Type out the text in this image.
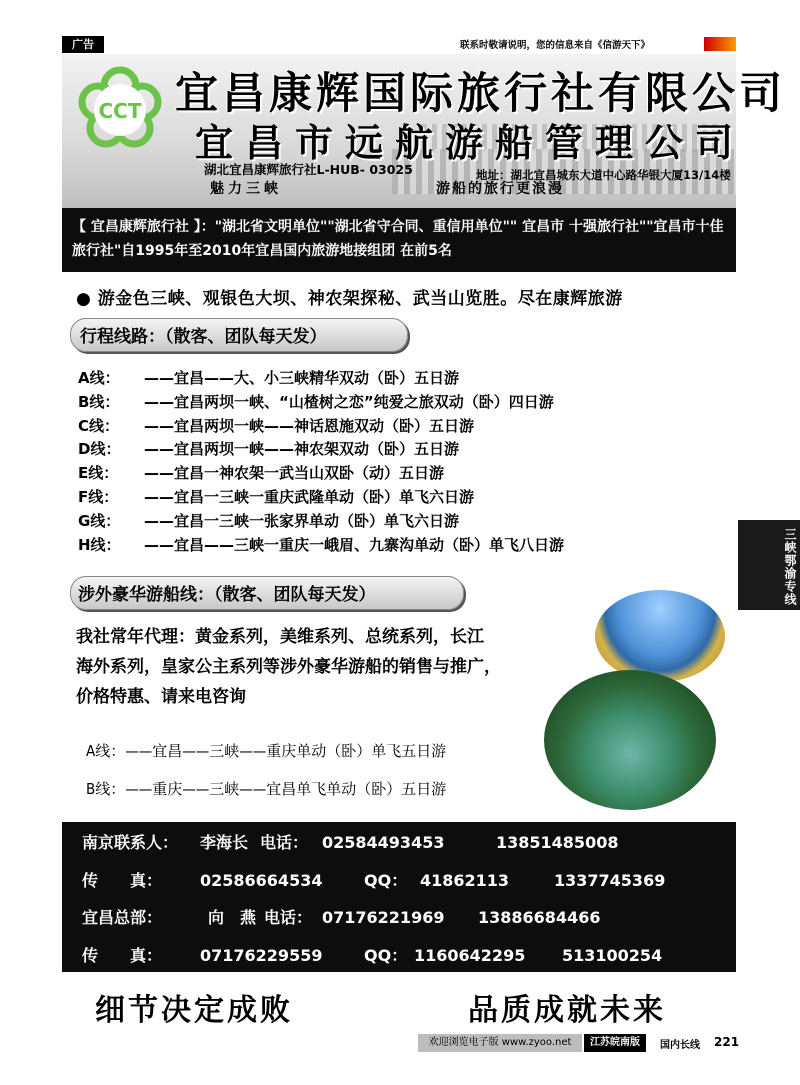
广告	联系时敬请说明，您的信息来自《信游天下》
CCT 宜昌康辉国际旅行社有限公司
宜昌市远航游船管理公司
湖北宜昌康辉旅行社L-HUB- 03025	地址：湖北宜昌城东大道中心路华银大厦13/14楼
魅力三峡	游船的旅行更浪漫
【 宜昌康辉旅行社 】："湖北省文明单位""湖北省守合同、重信用单位"" 宜昌市 十强旅行社""宜昌市十佳旅行社"自1995年至2010年宜昌国内旅游地接组团 在前5名
● 游金色三峡、观银色大坝、神农架探秘、武当山览胜。尽在康辉旅游
行程线路：（散客、团队每天发）
A线：	——宜昌——大、小三峡精华双动（卧）五日游
B线：	——宜昌两坝一峡、“山楂树之恋”纯爱之旅双动（卧）四日游
C线：	——宜昌两坝一峡——神话恩施双动（卧）五日游
D线：	——宜昌两坝一峡——神农架双动（卧）五日游
E线：	——宜昌一神农架一武当山双卧（动）五日游
F线：	——宜昌一三峡一重庆武隆单动（卧）单飞六日游
G线：	——宜昌一三峡一张家界单动（卧）单飞六日游
H线：	——宜昌——三峡一重庆一峨眉、九寨沟单动（卧）单飞八日游
涉外豪华游船线：（散客、团队每天发）
我社常年代理：黄金系列，美维系列、总统系列，长江
海外系列，皇家公主系列等涉外豪华游船的销售与推广，
价格特惠、请来电咨询
A线：——宜昌——三峡——重庆单动（卧）单飞五日游
B线：——重庆——三峡——宜昌单飞单动（卧）五日游
南京联系人： 李海长 电话： 02584493453	13851485008
传　　真： 02586664534	QQ： 41862113	1337745369
宜昌总部：	向　燕 电话： 07176221969 13886684466
传　　真： 07176229559	QQ： 1160642295 513100254
细节决定成败	品质成就未来
欢迎浏览电子版 www.zyoo.net	江苏皖南版	国内长线 221
三峡鄂渝专线
